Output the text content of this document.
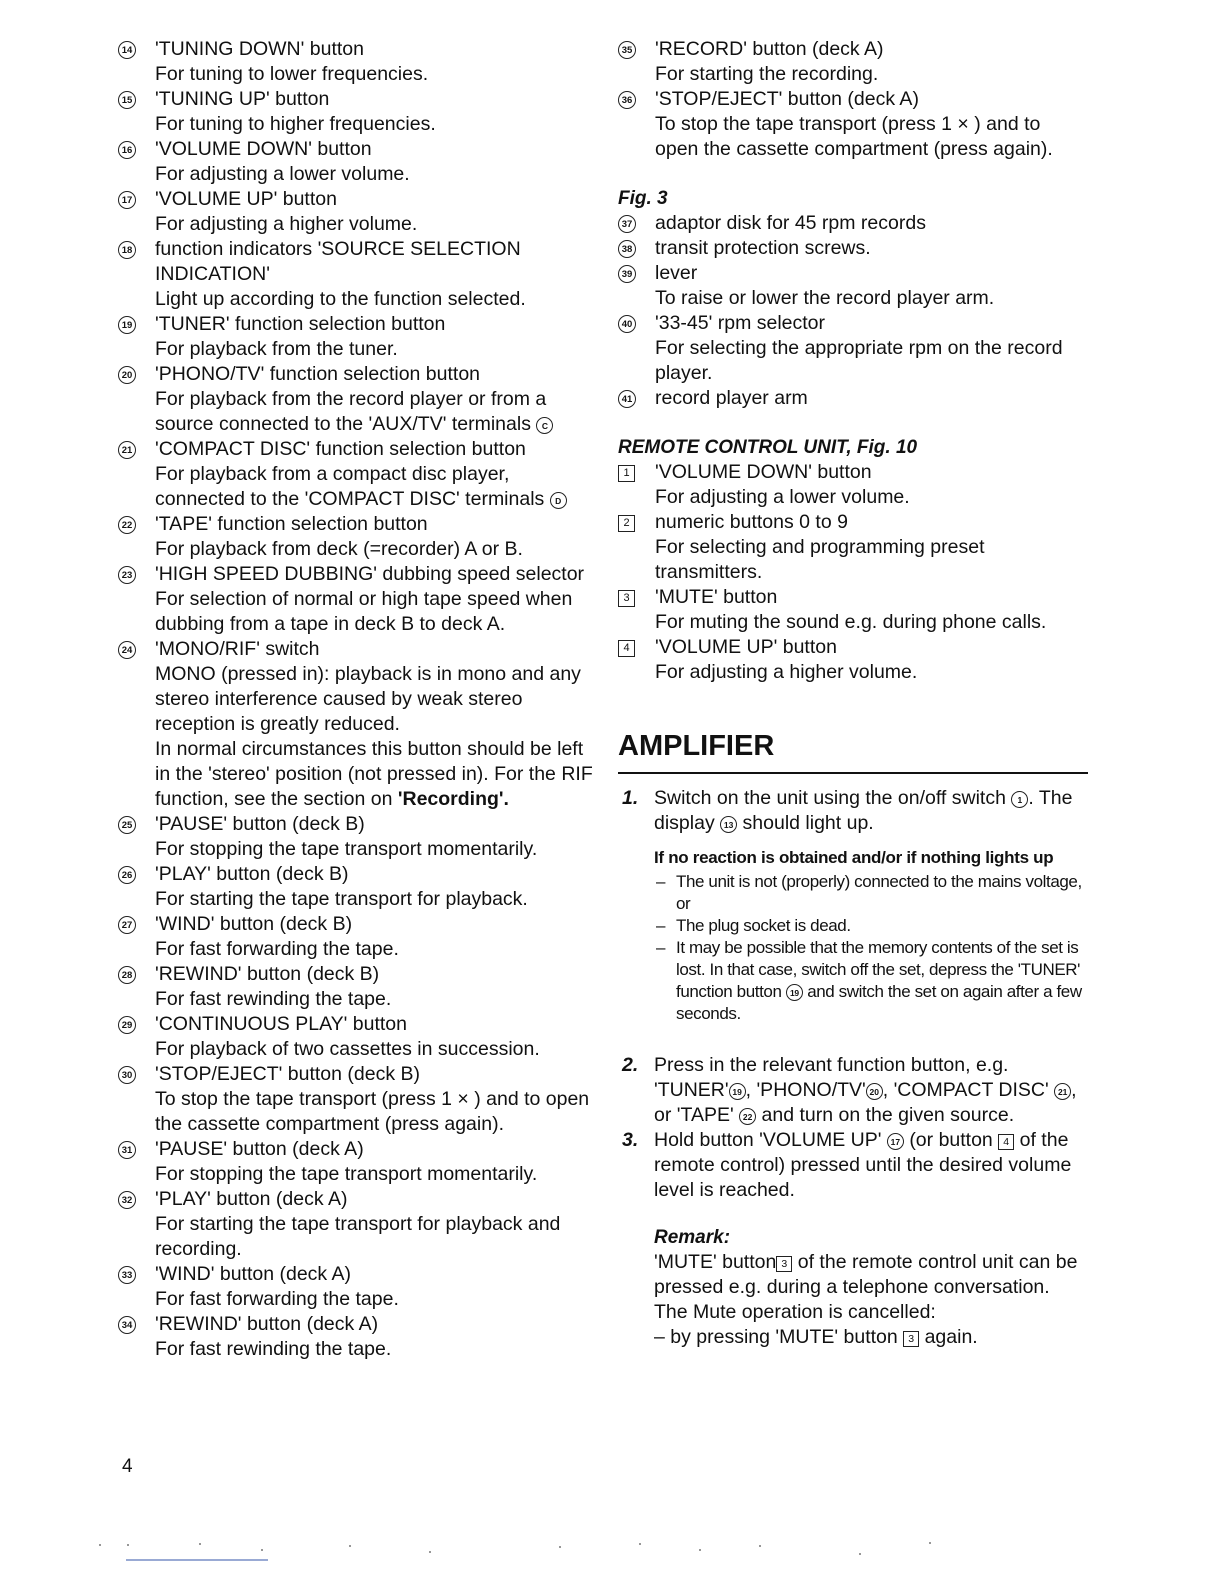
14 'TUNING DOWN' button
For tuning to lower frequencies.
15 'TUNING UP' button
For tuning to higher frequencies.
16 'VOLUME DOWN' button
For adjusting a lower volume.
17 'VOLUME UP' button
For adjusting a higher volume.
18 function indicators 'SOURCE SELECTION INDICATION'
Light up according to the function selected.
19 'TUNER' function selection button
For playback from the tuner.
20 'PHONO/TV' function selection button
For playback from the record player or from a source connected to the 'AUX/TV' terminals C
21 'COMPACT DISC' function selection button
For playback from a compact disc player, connected to the 'COMPACT DISC' terminals D
22 'TAPE' function selection button
For playback from deck (=recorder) A or B.
23 'HIGH SPEED DUBBING' dubbing speed selector
For selection of normal or high tape speed when dubbing from a tape in deck B to deck A.
24 'MONO/RIF' switch
MONO (pressed in): playback is in mono and any stereo interference caused by weak stereo reception is greatly reduced.
In normal circumstances this button should be left in the 'stereo' position (not pressed in). For the RIF function, see the section on 'Recording'.
25 'PAUSE' button (deck B)
For stopping the tape transport momentarily.
26 'PLAY' button (deck B)
For starting the tape transport for playback.
27 'WIND' button (deck B)
For fast forwarding the tape.
28 'REWIND' button (deck B)
For fast rewinding the tape.
29 'CONTINUOUS PLAY' button
For playback of two cassettes in succession.
30 'STOP/EJECT' button (deck B)
To stop the tape transport (press 1 × ) and to open the cassette compartment (press again).
31 'PAUSE' button (deck A)
For stopping the tape transport momentarily.
32 'PLAY' button (deck A)
For starting the tape transport for playback and recording.
33 'WIND' button (deck A)
For fast forwarding the tape.
34 'REWIND' button (deck A)
For fast rewinding the tape.
35 'RECORD' button (deck A)
For starting the recording.
36 'STOP/EJECT' button (deck A)
To stop the tape transport (press 1 × ) and to open the cassette compartment (press again).
Fig. 3
37 adaptor disk for 45 rpm records
38 transit protection screws.
39 lever
To raise or lower the record player arm.
40 '33-45' rpm selector
For selecting the appropriate rpm on the record player.
41 record player arm
REMOTE CONTROL UNIT, Fig. 10
1 'VOLUME DOWN' button
For adjusting a lower volume.
2 numeric buttons 0 to 9
For selecting and programming preset transmitters.
3 'MUTE' button
For muting the sound e.g. during phone calls.
4 'VOLUME UP' button
For adjusting a higher volume.
AMPLIFIER
1. Switch on the unit using the on/off switch 1 . The display 13 should light up.
If no reaction is obtained and/or if nothing lights up
– The unit is not (properly) connected to the mains voltage, or
– The plug socket is dead.
– It may be possible that the memory contents of the set is lost. In that case, switch off the set, depress the 'TUNER' function button 19 and switch the set on again after a few seconds.
2. Press in the relevant function button, e.g. 'TUNER' 19 , 'PHONO/TV' 20 , 'COMPACT DISC' 21 , or 'TAPE' 22 and turn on the given source.
3. Hold button 'VOLUME UP' 17 (or button 4 of the remote control) pressed until the desired volume level is reached.
Remark:
'MUTE' button 3 of the remote control unit can be pressed e.g. during a telephone conversation.
The Mute operation is cancelled:
– by pressing 'MUTE' button 3 again.
4
